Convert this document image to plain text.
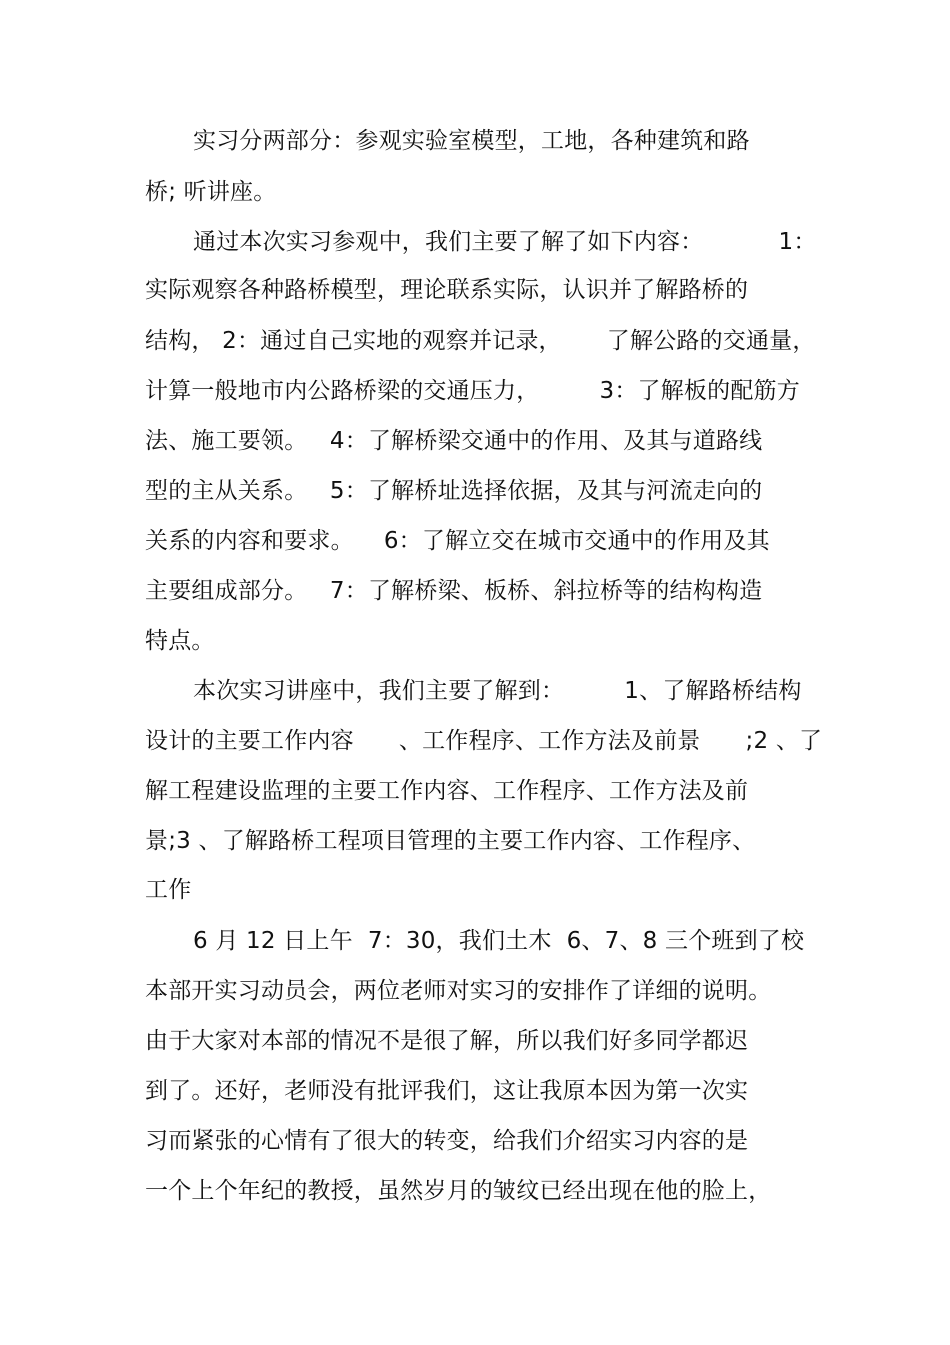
实习分两部分：参观实验室模型，工地，各种建筑和路
桥; 听讲座。
通过本次实习参观中，我们主要了解了如下内容：          1：
实际观察各种路桥模型，理论联系实际，认识并了解路桥的
结构， 2：通过自己实地的观察并记录，      了解公路的交通量，
计算一般地市内公路桥梁的交通压力，        3：了解板的配筋方
法、施工要领。   4：了解桥梁交通中的作用、及其与道路线
型的主从关系。   5：了解桥址选择依据，及其与河流走向的
关系的内容和要求。    6：了解立交在城市交通中的作用及其
主要组成部分。   7：了解桥梁、板桥、斜拉桥等的结构构造
特点。
本次实习讲座中，我们主要了解到：        1、了解路桥结构
设计的主要工作内容      、工作程序、工作方法及前景      ;2 、了
解工程建设监理的主要工作内容、工作程序、工作方法及前
景;3 、了解路桥工程项目管理的主要工作内容、工作程序、
工作
6 月 12 日上午  7：30，我们土木  6、7、8 三个班到了校
本部开实习动员会，两位老师对实习的安排作了详细的说明。
由于大家对本部的情况不是很了解，所以我们好多同学都迟
到了。还好，老师没有批评我们，这让我原本因为第一次实
习而紧张的心情有了很大的转变，给我们介绍实习内容的是
一个上个年纪的教授，虽然岁月的皱纹已经出现在他的脸上，
